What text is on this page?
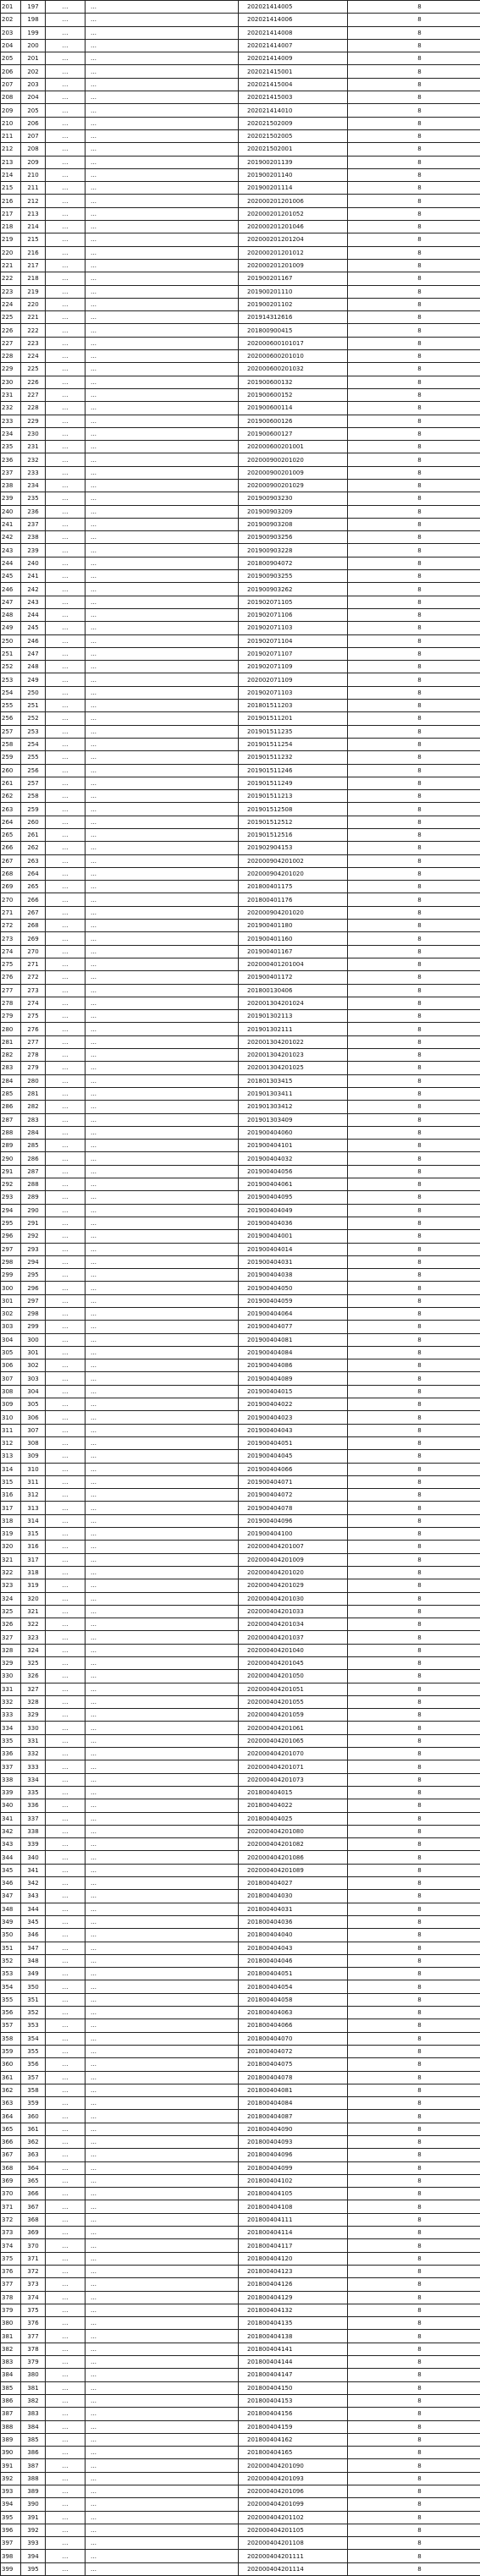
201	197	…	…	202021414005	8
202	198	…	…	202021414006	8
203	199	…	…	202021414008	8
204	200	…	…	202021414007	8
205	201	…	…	202021414009	8
206	202	…	…	202021415001	8
207	203	…	…	202021415004	8
208	204	…	…	202021415003	8
209	205	…	…	202021414010	8
210	206	…	…	202021502009	8
211	207	…	…	202021502005	8
212	208	…	…	202021502001	8
213	209	…	…	201900201139	8
214	210	…	…	201900201140	8
215	211	…	…	201900201114	8
216	212	…	…	202000201201006	8
217	213	…	…	202000201201052	8
218	214	…	…	202000201201046	8
219	215	…	…	202000201201204	8
220	216	…	…	202000201201012	8
221	217	…	…	202000201201009	8
222	218	…	…	201900201167	8
223	219	…	…	201900201110	8
224	220	…	…	201900201102	8
225	221	…	…	201914312616	8
226	222	…	…	201800900415	8
227	223	…	…	202000600101017	8
228	224	…	…	202000600201010	8
229	225	…	…	202000600201032	8
230	226	…	…	201900600132	8
231	227	…	…	201900600152	8
232	228	…	…	201900600114	8
233	229	…	…	201900600126	8
234	230	…	…	201900600127	8
235	231	…	…	202000600201001	8
236	232	…	…	202000900201020	8
237	233	…	…	202000900201009	8
238	234	…	…	202000900201029	8
239	235	…	…	201900903230	8
240	236	…	…	201900903209	8
241	237	…	…	201900903208	8
242	238	…	…	201900903256	8
243	239	…	…	201900903228	8
244	240	…	…	201800904072	8
245	241	…	…	201900903255	8
246	242	…	…	201900903262	8
247	243	…	…	201902071105	8
248	244	…	…	201902071106	8
249	245	…	…	201902071103	8
250	246	…	…	201902071104	8
251	247	…	…	201902071107	8
252	248	…	…	201902071109	8
253	249	…	…	202002071109	8
254	250	…	…	201902071103	8
255	251	…	…	201801511203	8
256	252	…	…	201901511201	8
257	253	…	…	201901511235	8
258	254	…	…	201901511254	8
259	255	…	…	201901511232	8
260	256	…	…	201901511246	8
261	257	…	…	201901511249	8
262	258	…	…	201901511213	8
263	259	…	…	201901512508	8
264	260	…	…	201901512512	8
265	261	…	…	201901512516	8
266	262	…	…	201902904153	8
267	263	…	…	202000904201002	8
268	264	…	…	202000904201020	8
269	265	…	…	201800401175	8
270	266	…	…	201800401176	8
271	267	…	…	202000904201020	8
272	268	…	…	201900401180	8
273	269	…	…	201900401160	8
274	270	…	…	201900401167	8
275	271	…	…	202000401201004	8
276	272	…	…	201900401172	8
277	273	…	…	201800130406	8
278	274	…	…	202001304201024	8
279	275	…	…	201901302113	8
280	276	…	…	201901302111	8
281	277	…	…	202001304201022	8
282	278	…	…	202001304201023	8
283	279	…	…	202001304201025	8
284	280	…	…	201801303415	8
285	281	…	…	201901303411	8
286	282	…	…	201901303412	8
287	283	…	…	201901303409	8
288	284	…	…	201900404060	8
289	285	…	…	201900404101	8
290	286	…	…	201900404032	8
291	287	…	…	201900404056	8
292	288	…	…	201900404061	8
293	289	…	…	201900404095	8
294	290	…	…	201900404049	8
295	291	…	…	201900404036	8
296	292	…	…	201900404001	8
297	293	…	…	201900404014	8
298	294	…	…	201900404031	8
299	295	…	…	201900404038	8
300	296	…	…	201900404050	8
301	297	…	…	201900404059	8
302	298	…	…	201900404064	8
303	299	…	…	201900404077	8
304	300	…	…	201900404081	8
305	301	…	…	201900404084	8
306	302	…	…	201900404086	8
307	303	…	…	201900404089	8
308	304	…	…	201900404015	8
309	305	…	…	201900404022	8
310	306	…	…	201900404023	8
311	307	…	…	201900404043	8
312	308	…	…	201900404051	8
313	309	…	…	201900404045	8
314	310	…	…	201900404066	8
315	311	…	…	201900404071	8
316	312	…	…	201900404072	8
317	313	…	…	201900404078	8
318	314	…	…	201900404096	8
319	315	…	…	201900404100	8
320	316	…	…	202000404201007	8
321	317	…	…	202000404201009	8
322	318	…	…	202000404201020	8
323	319	…	…	202000404201029	8
324	320	…	…	202000404201030	8
325	321	…	…	202000404201033	8
326	322	…	…	202000404201034	8
327	323	…	…	202000404201037	8
328	324	…	…	202000404201040	8
329	325	…	…	202000404201045	8
330	326	…	…	202000404201050	8
331	327	…	…	202000404201051	8
332	328	…	…	202000404201055	8
333	329	…	…	202000404201059	8
334	330	…	…	202000404201061	8
335	331	…	…	202000404201065	8
336	332	…	…	202000404201070	8
337	333	…	…	202000404201071	8
338	334	…	…	202000404201073	8
339	335	…	…	201800404015	8
340	336	…	…	201800404022	8
341	337	…	…	201800404025	8
342	338	…	…	202000404201080	8
343	339	…	…	202000404201082	8
344	340	…	…	202000404201086	8
345	341	…	…	202000404201089	8
346	342	…	…	201800404027	8
347	343	…	…	201800404030	8
348	344	…	…	201800404031	8
349	345	…	…	201800404036	8
350	346	…	…	201800404040	8
351	347	…	…	201800404043	8
352	348	…	…	201800404046	8
353	349	…	…	201800404051	8
354	350	…	…	201800404054	8
355	351	…	…	201800404058	8
356	352	…	…	201800404063	8
357	353	…	…	201800404066	8
358	354	…	…	201800404070	8
359	355	…	…	201800404072	8
360	356	…	…	201800404075	8
361	357	…	…	201800404078	8
362	358	…	…	201800404081	8
363	359	…	…	201800404084	8
364	360	…	…	201800404087	8
365	361	…	…	201800404090	8
366	362	…	…	201800404093	8
367	363	…	…	201800404096	8
368	364	…	…	201800404099	8
369	365	…	…	201800404102	8
370	366	…	…	201800404105	8
371	367	…	…	201800404108	8
372	368	…	…	201800404111	8
373	369	…	…	201800404114	8
374	370	…	…	201800404117	8
375	371	…	…	201800404120	8
376	372	…	…	201800404123	8
377	373	…	…	201800404126	8
378	374	…	…	201800404129	8
379	375	…	…	201800404132	8
380	376	…	…	201800404135	8
381	377	…	…	201800404138	8
382	378	…	…	201800404141	8
383	379	…	…	201800404144	8
384	380	…	…	201800404147	8
385	381	…	…	201800404150	8
386	382	…	…	201800404153	8
387	383	…	…	201800404156	8
388	384	…	…	201800404159	8
389	385	…	…	201800404162	8
390	386	…	…	201800404165	8
391	387	…	…	202000404201090	8
392	388	…	…	202000404201093	8
393	389	…	…	202000404201096	8
394	390	…	…	202000404201099	8
395	391	…	…	202000404201102	8
396	392	…	…	202000404201105	8
397	393	…	…	202000404201108	8
398	394	…	…	202000404201111	8
399	395	…	…	202000404201114	8
